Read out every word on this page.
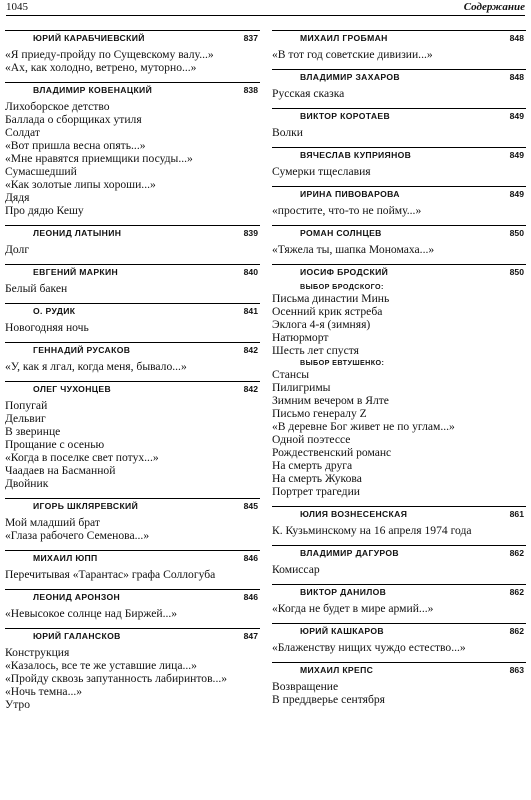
1045	Содержание
ЮРИЙ КАРАБЧИЕВСКИЙ	837
«Я приеду-пройду по Сущевскому валу...»
«Ах, как холодно, ветрено, муторно...»
ВЛАДИМИР КОВЕНАЦКИЙ	838
Лихоборское детство
Баллада о сборщиках утиля
Солдат
«Вот пришла весна опять...»
«Мне нравятся приемщики посуды...»
Сумасшедший
«Как золотые липы хороши...»
Дядя
Про дядю Кешу
ЛЕОНИД ЛАТЫНИН	839
Долг
ЕВГЕНИЙ МАРКИН	840
Белый бакен
О. РУДИК	841
Новогодняя ночь
ГЕННАДИЙ РУСАКОВ	842
«У, как я лгал, когда меня, бывало...»
ОЛЕГ ЧУХОНЦЕВ	842
Попугай
Дельвиг
В зверинце
Прощание с осенью
«Когда в поселке свет потух...»
Чаадаев на Басманной
Двойник
ИГОРЬ ШКЛЯРЕВСКИЙ	845
Мой младший брат
«Глаза рабочего Семенова...»
МИХАИЛ ЮПП	846
Перечитывая «Тарантас» графа Соллогуба
ЛЕОНИД АРОНЗОН	846
«Невысокое солнце над Биржей...»
ЮРИЙ ГАЛАНСКОВ	847
Конструкция
«Казалось, все те же уставшие лица...»
«Пройду сквозь запутанность лабиринтов...»
«Ночь темна...»
Утро
МИХАИЛ ГРОБМАН	848
«В тот год советские дивизии...»
ВЛАДИМИР ЗАХАРОВ	848
Русская сказка
ВИКТОР КОРОТАЕВ	849
Волки
ВЯЧЕСЛАВ КУПРИЯНОВ	849
Сумерки тщеславия
ИРИНА ПИВОВАРОВА	849
«простите, что-то не пойму...»
РОМАН СОЛНЦЕВ	850
«Тяжела ты, шапка Мономаха...»
ИОСИФ БРОДСКИЙ	850
ВЫБОР БРОДСКОГО:
Письма династии Минь
Осенний крик ястреба
Эклога 4-я (зимняя)
Натюрморт
Шесть лет спустя
ВЫБОР ЕВТУШЕНКО:
Стансы
Пилигримы
Зимним вечером в Ялте
Письмо генералу Z
«В деревне Бог живет не по углам...»
Одной поэтессе
Рождественский романс
На смерть друга
На смерть Жукова
Портрет трагедии
ЮЛИЯ ВОЗНЕСЕНСКАЯ	861
К. Кузьминскому на 16 апреля 1974 года
ВЛАДИМИР ДАГУРОВ	862
Комиссар
ВИКТОР ДАНИЛОВ	862
«Когда не будет в мире армий...»
ЮРИЙ КАШКАРОВ	862
«Блаженству нищих чуждо естество...»
МИХАИЛ КРЕПС	863
Возвращение
В преддверье сентября
